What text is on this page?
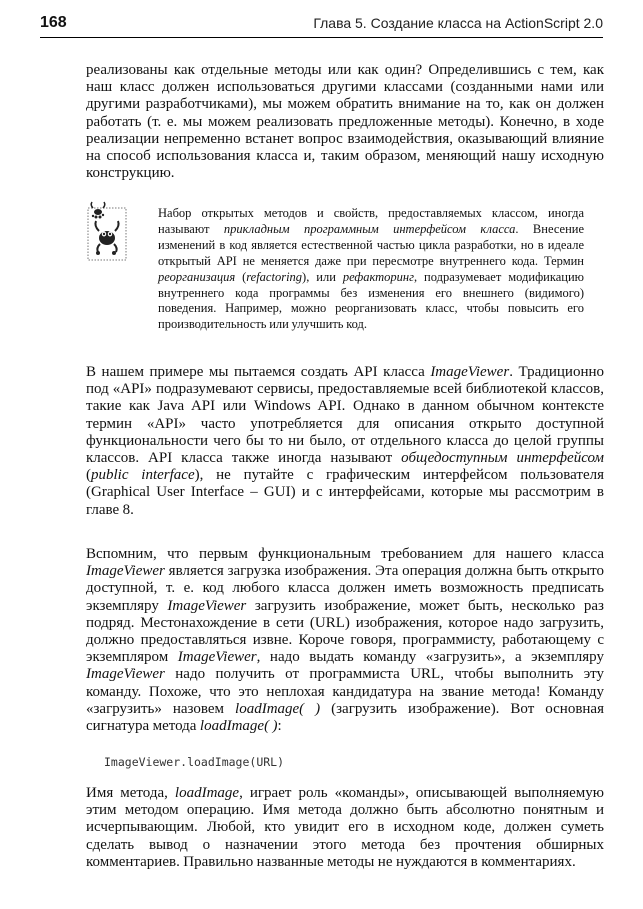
168	Глава 5. Создание класса на ActionScript 2.0

реализованы как отдельные методы или как один? Определившись с тем, как наш класс должен использоваться другими классами (созданными нами или другими разработчиками), мы можем обратить внимание на то, как он должен работать (т. е. мы можем реализовать предложенные методы). Конечно, в ходе реализации непременно встанет вопрос взаимодействия, оказывающий влияние на способ использования класса и, таким образом, меняющий нашу исходную конструкцию.

Набор открытых методов и свойств, предоставляемых классом, иногда называют прикладным программным интерфейсом класса. Внесение изменений в код является естественной частью цикла разработки, но в идеале открытый API не меняется даже при пересмотре внутреннего кода. Термин реорганизация (refactoring), или рефакторинг, подразумевает модификацию внутреннего кода программы без изменения его внешнего (видимого) поведения. Например, можно реорганизовать класс, чтобы повысить его производительность или улучшить код.

В нашем примере мы пытаемся создать API класса ImageViewer. Традиционно под «API» подразумевают сервисы, предоставляемые всей библиотекой классов, такие как Java API или Windows API. Однако в данном обычном контексте термин «API» часто употребляется для описания открыто доступной функциональности чего бы то ни было, от отдельного класса до целой группы классов. API класса также иногда называют общедоступным интерфейсом (public interface), не путайте с графическим интерфейсом пользователя (Graphical User Interface – GUI) и с интерфейсами, которые мы рассмотрим в главе 8.

Вспомним, что первым функциональным требованием для нашего класса ImageViewer является загрузка изображения. Эта операция должна быть открыто доступной, т. е. код любого класса должен иметь возможность предписать экземпляру ImageViewer загрузить изображение, может быть, несколько раз подряд. Местонахождение в сети (URL) изображения, которое надо загрузить, должно предоставляться извне. Короче говоря, программисту, работающему с экземпляром ImageViewer, надо выдать команду «загрузить», а экземпляру ImageViewer надо получить от программиста URL, чтобы выполнить эту команду. Похоже, что это неплохая кандидатура на звание метода! Команду «загрузить» назовем loadImage( ) (загрузить изображение). Вот основная сигнатура метода loadImage( ):

ImageViewer.loadImage(URL)

Имя метода, loadImage, играет роль «команды», описывающей выполняемую этим методом операцию. Имя метода должно быть абсолютно понятным и исчерпывающим. Любой, кто увидит его в исходном коде, должен суметь сделать вывод о назначении этого метода без прочтения обширных комментариев. Правильно названные методы не нуждаются в комментариях.
